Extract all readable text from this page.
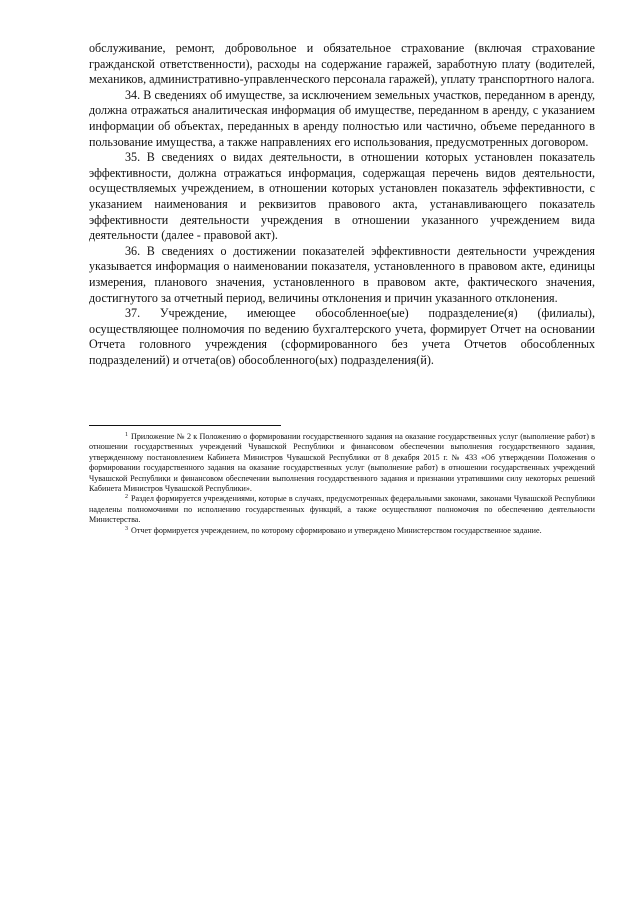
обслуживание, ремонт, добровольное и обязательное страхование (включая страхование гражданской ответственности), расходы на содержание гаражей, заработную плату (водителей, механиков, административно-управленческого персонала гаражей), уплату транспортного налога.

34. В сведениях об имуществе, за исключением земельных участков, переданном в аренду, должна отражаться аналитическая информация об имуществе, переданном в аренду, с указанием информации об объектах, переданных в аренду полностью или частично, объеме переданного в пользование имущества, а также направлениях его использования, предусмотренных договором.

35. В сведениях о видах деятельности, в отношении которых установлен показатель эффективности, должна отражаться информация, содержащая перечень видов деятельности, осуществляемых учреждением, в отношении которых установлен показатель эффективности, с указанием наименования и реквизитов правового акта, устанавливающего показатель эффективности деятельности учреждения в отношении указанного учреждением вида деятельности (далее - правовой акт).

36. В сведениях о достижении показателей эффективности деятельности учреждения указывается информация о наименовании показателя, установленного в правовом акте, единицы измерения, планового значения, установленного в правовом акте, фактического значения, достигнутого за отчетный период, величины отклонения и причин указанного отклонения.

37. Учреждение, имеющее обособленное(ые) подразделение(я) (филиалы), осуществляющее полномочия по ведению бухгалтерского учета, формирует Отчет на основании Отчета головного учреждения (сформированного без учета Отчетов обособленных подразделений) и отчета(ов) обособленного(ых) подразделения(й).

$^1$ Приложение № 2 к Положению о формировании государственного задания на оказание государственных услуг (выполнение работ) в отношении государственных учреждений Чувашской Республики и финансовом обеспечении выполнения государственного задания, утвержденному постановлением Кабинета Министров Чувашской Республики от 8 декабря 2015 г. № 433 «Об утверждении Положения о формировании государственного задания на оказание государственных услуг (выполнение работ) в отношении государственных учреждений Чувашской Республики и финансовом обеспечении выполнения государственного задания и признании утратившими силу некоторых решений Кабинета Министров Чувашской Республики».

$^2$ Раздел формируется учреждениями, которые в случаях, предусмотренных федеральными законами, законами Чувашской Республики наделены полномочиями по исполнению государственных функций, а также осуществляют полномочия по обеспечению деятельности Министерства.

$^3$ Отчет формируется учреждением, по которому сформировано и утверждено Министерством государственное задание.
